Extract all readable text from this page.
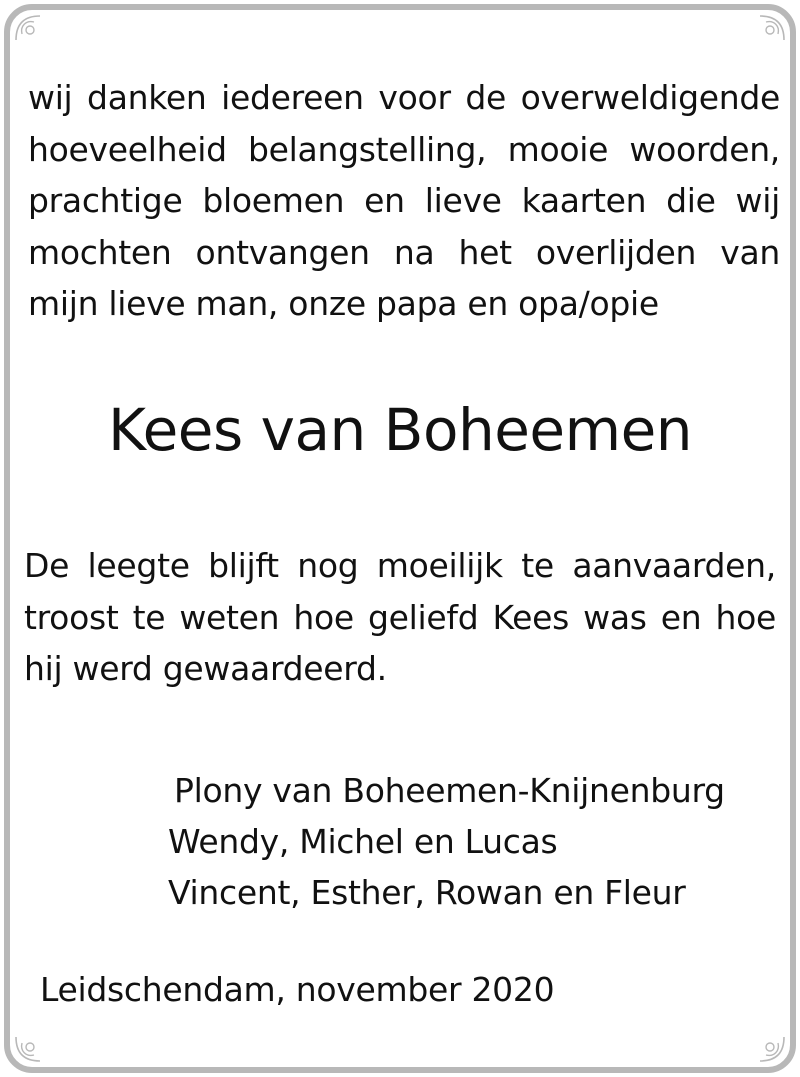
wij danken iedereen voor de overweldigende
hoeveelheid belangstelling, mooie woorden,
prachtige bloemen en lieve kaarten die wij
mochten ontvangen na het overlijden van
mijn lieve man, onze papa en opa/opie
Kees van Boheemen
De leegte blijft nog moeilijk te aanvaarden,
troost te weten hoe geliefd Kees was en hoe
hij werd gewaardeerd.
Plony van Boheemen-Knijnenburg
Wendy, Michel en Lucas
Vincent, Esther, Rowan en Fleur
Leidschendam, november 2020
